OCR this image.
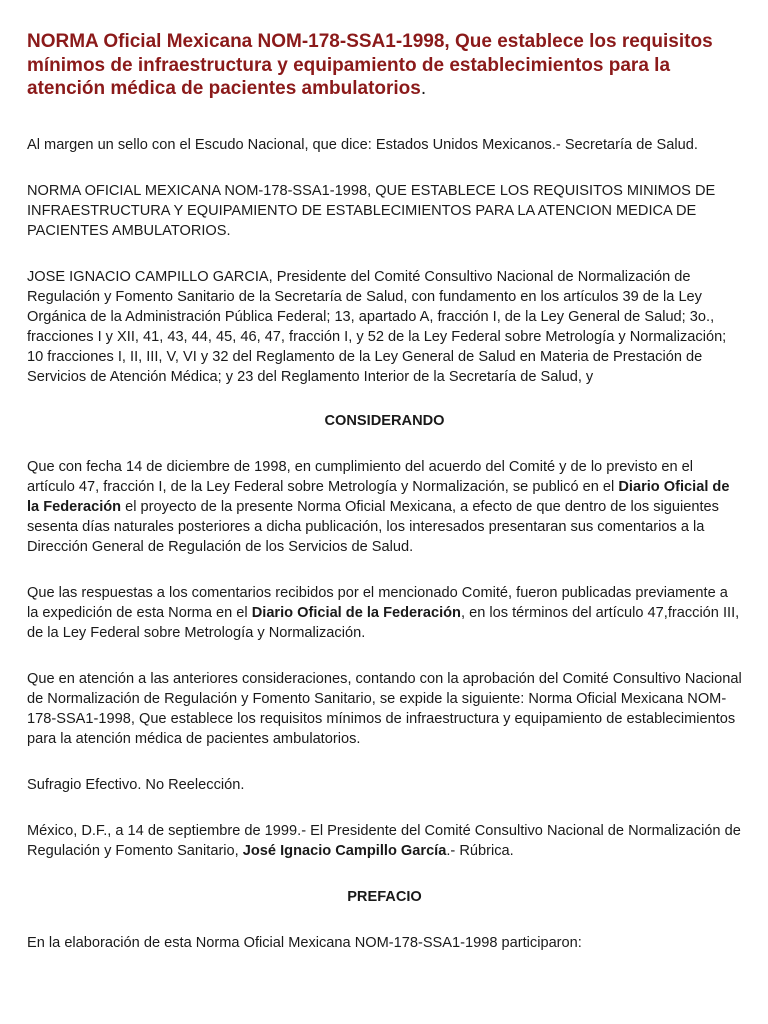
NORMA Oficial Mexicana NOM-178-SSA1-1998, Que establece los requisitos mínimos de infraestructura y equipamiento de establecimientos para la atención médica de pacientes ambulatorios.

Al margen un sello con el Escudo Nacional, que dice: Estados Unidos Mexicanos.- Secretaría de Salud.

NORMA OFICIAL MEXICANA NOM-178-SSA1-1998, QUE ESTABLECE LOS REQUISITOS MINIMOS DE INFRAESTRUCTURA Y EQUIPAMIENTO DE ESTABLECIMIENTOS PARA LA ATENCION MEDICA DE PACIENTES AMBULATORIOS.

JOSE IGNACIO CAMPILLO GARCIA, Presidente del Comité Consultivo Nacional de Normalización de Regulación y Fomento Sanitario de la Secretaría de Salud, con fundamento en los artículos 39 de la Ley Orgánica de la Administración Pública Federal; 13, apartado A, fracción I, de la Ley General de Salud; 3o., fracciones I y XII, 41, 43, 44, 45, 46, 47, fracción I, y 52 de la Ley Federal sobre Metrología y Normalización; 10 fracciones I, II, III, V, VI y 32 del Reglamento de la Ley General de Salud en Materia de Prestación de Servicios de Atención Médica; y 23 del Reglamento Interior de la Secretaría de Salud, y

CONSIDERANDO

Que con fecha 14 de diciembre de 1998, en cumplimiento del acuerdo del Comité y de lo previsto en el artículo 47, fracción I, de la Ley Federal sobre Metrología y Normalización, se publicó en el Diario Oficial de la Federación el proyecto de la presente Norma Oficial Mexicana, a efecto de que dentro de los siguientes sesenta días naturales posteriores a dicha publicación, los interesados presentaran sus comentarios a la Dirección General de Regulación de los Servicios de Salud.

Que las respuestas a los comentarios recibidos por el mencionado Comité, fueron publicadas previamente a la expedición de esta Norma en el Diario Oficial de la Federación, en los términos del artículo 47,fracción III, de la Ley Federal sobre Metrología y Normalización.

Que en atención a las anteriores consideraciones, contando con la aprobación del Comité Consultivo Nacional de Normalización de Regulación y Fomento Sanitario, se expide la siguiente: Norma Oficial Mexicana NOM-178-SSA1-1998, Que establece los requisitos mínimos de infraestructura y equipamiento de establecimientos para la atención médica de pacientes ambulatorios.

Sufragio Efectivo. No Reelección.

México, D.F., a 14 de septiembre de 1999.- El Presidente del Comité Consultivo Nacional de Normalización de Regulación y Fomento Sanitario, José Ignacio Campillo García.- Rúbrica.

PREFACIO

En la elaboración de esta Norma Oficial Mexicana NOM-178-SSA1-1998 participaron:
